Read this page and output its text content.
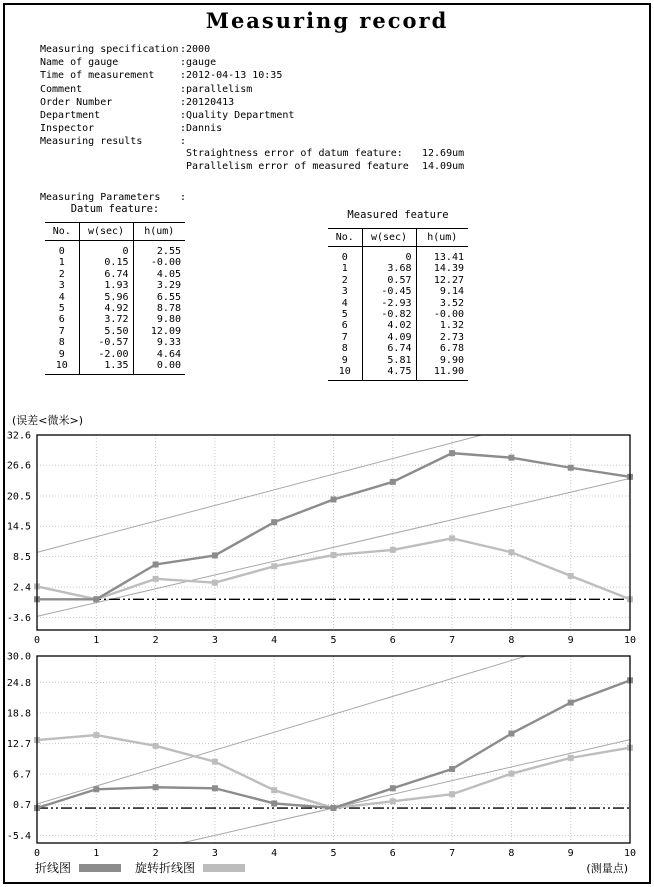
Measuring record
Measuring specification :2000
Name of gauge	:gauge
Time of measurement	:2012-04-13 10:35
Comment	:parallelism
Order Number	:20120413
Department	:Quality Department
Inspector	:Dannis
Measuring results	:
Straightness error of datum feature:	12.69um
Parallelism error of measured feature	14.09um
Measuring Parameters	:
Datum feature:
No.	w(sec)	h(um)
0	0	2.55
1	0.15	-0.00
2	6.74	4.05
3	1.93	3.29
4	5.96	6.55
5	4.92	8.78
6	3.72	9.80
7	5.50	12.09
8	-0.57	9.33
9	-2.00	4.64
10	1.35	0.00
Measured feature
No.	w(sec)	h(um)
0	0	13.41
1	3.68	14.39
2	0.57	12.27
3	-0.45	9.14
4	-2.93	3.52
5	-0.82	-0.00
6	4.02	1.32
7	4.09	2.73
8	6.74	6.78
9	5.81	9.90
10	4.75	11.90
(误差<微米>)
32.6
26.6
20.5
14.5
8.5
2.4
-3.6
0	1	2	3	4	5	6	7	8	9	10
30.0
24.8
18.8
12.7
6.7
0.7
-5.4
0	1	2	3	4	5	6	7	8	9	10
折线图	旋转折线图	(测量点)
